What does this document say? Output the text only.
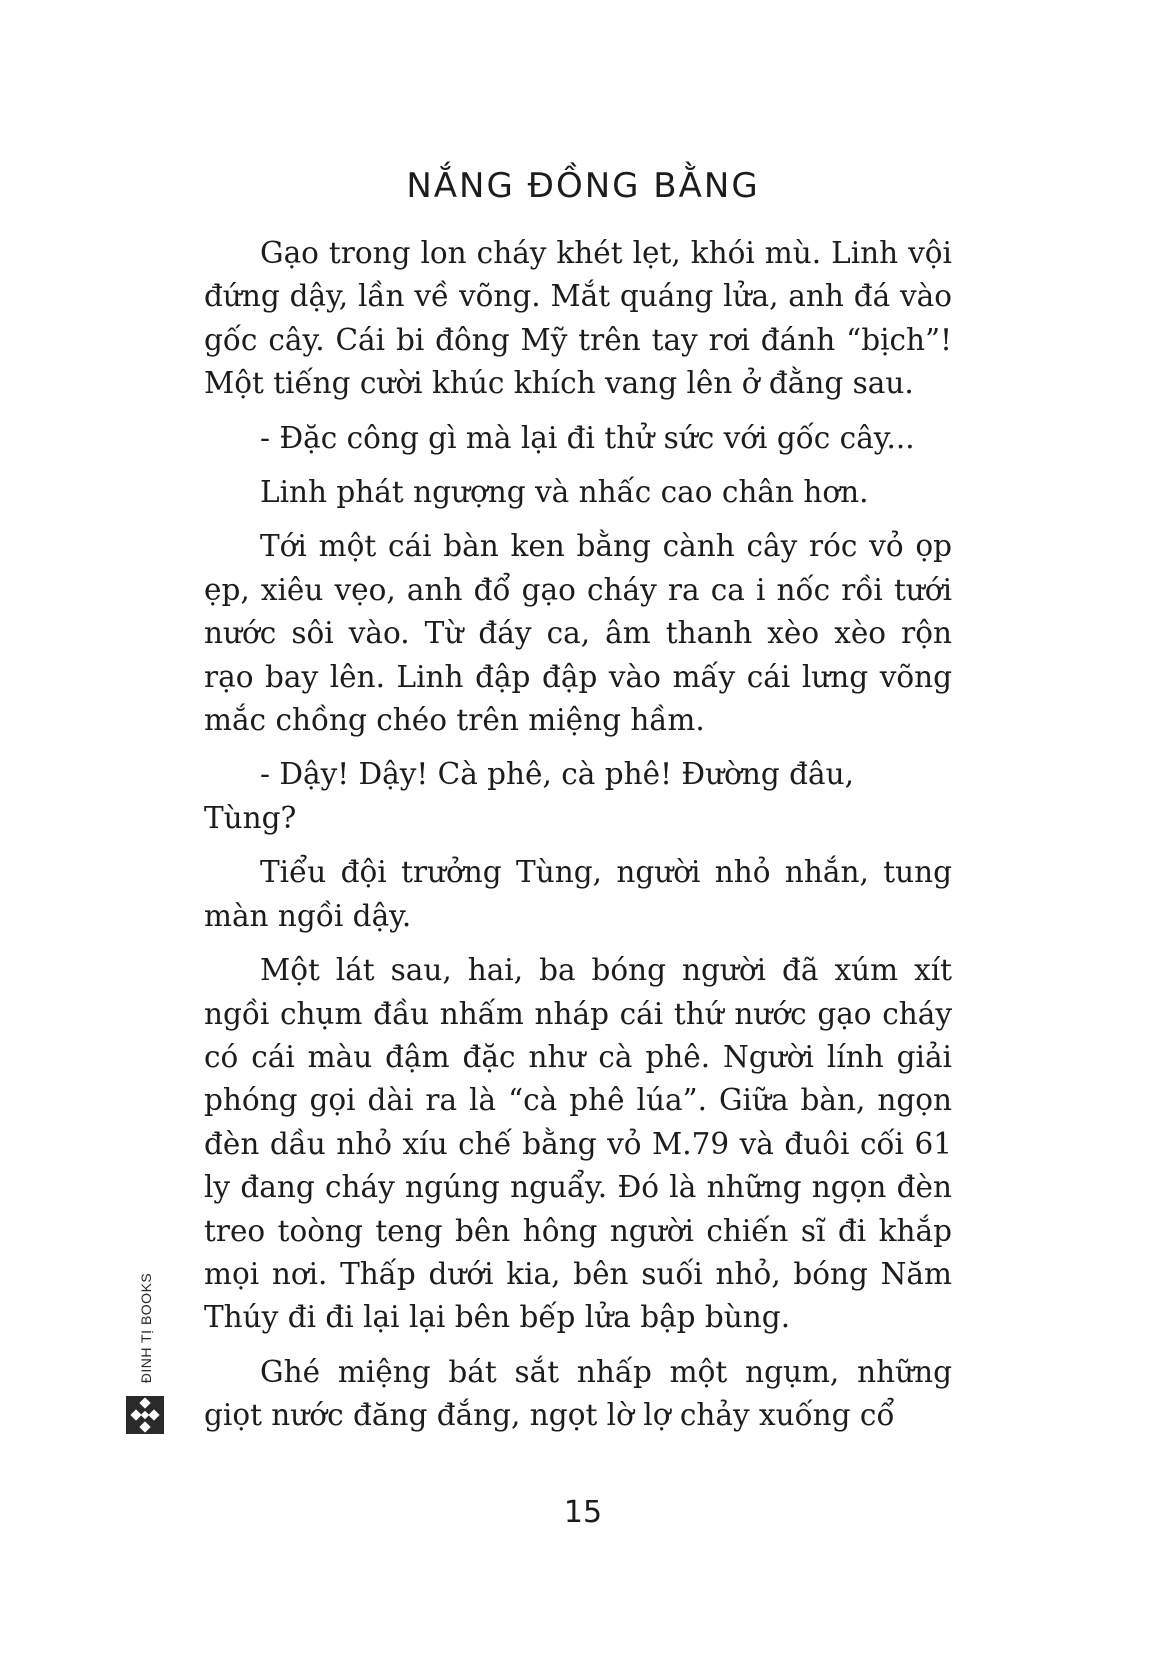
NẮNG ĐỒNG BẰNG

Gạo trong lon cháy khét lẹt, khói mù. Linh vội đứng dậy, lần về võng. Mắt quáng lửa, anh đá vào gốc cây. Cái bi đông Mỹ trên tay rơi đánh “bịch”! Một tiếng cười khúc khích vang lên ở đằng sau.

- Đặc công gì mà lại đi thử sức với gốc cây...

Linh phát ngượng và nhấc cao chân hơn.

Tới một cái bàn ken bằng cành cây róc vỏ ọp ẹp, xiêu vẹo, anh đổ gạo cháy ra ca i nốc rồi tưới nước sôi vào. Từ đáy ca, âm thanh xèo xèo rộn rạo bay lên. Linh đập đập vào mấy cái lưng võng mắc chồng chéo trên miệng hầm.

- Dậy! Dậy! Cà phê, cà phê! Đường đâu, Tùng?

Tiểu đội trưởng Tùng, người nhỏ nhắn, tung màn ngồi dậy.

Một lát sau, hai, ba bóng người đã xúm xít ngồi chụm đầu nhấm nháp cái thứ nước gạo cháy có cái màu đậm đặc như cà phê. Người lính giải phóng gọi dài ra là “cà phê lúa”. Giữa bàn, ngọn đèn dầu nhỏ xíu chế bằng vỏ M.79 và đuôi cối 61 ly đang cháy ngúng nguẩy. Đó là những ngọn đèn treo toòng teng bên hông người chiến sĩ đi khắp mọi nơi. Thấp dưới kia, bên suối nhỏ, bóng Năm Thúy đi đi lại lại bên bếp lửa bập bùng.

Ghé miệng bát sắt nhấp một ngụm, những giọt nước đăng đắng, ngọt lờ lợ chảy xuống cổ

ĐINH TỊ BOOKS
15
